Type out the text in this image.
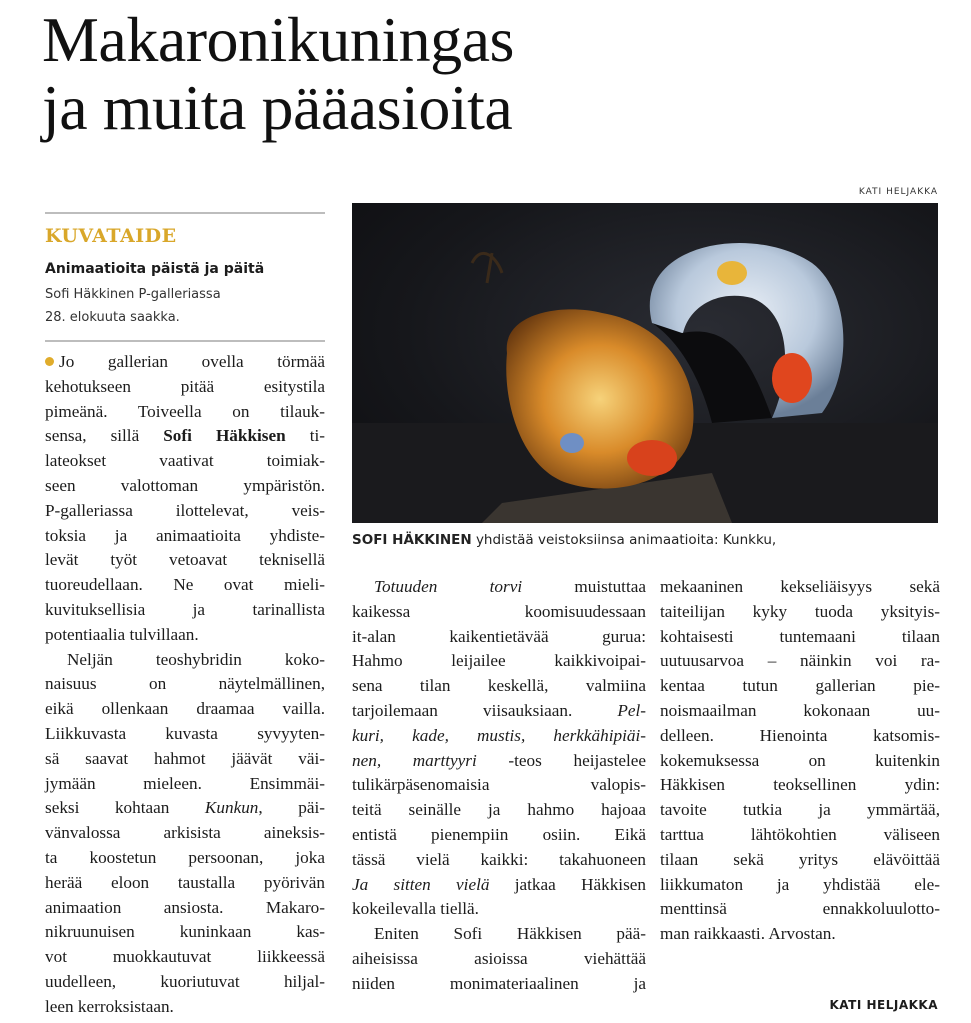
Makaronikuningas
ja muita pääasioita
KATI HELJAKKA
KUVATAIDE
Animaatioita päistä ja päitä
Sofi Häkkinen P-galleriassa
28. elokuuta saakka.
Jo gallerian ovella törmää
kehotukseen pitää esitystila
pimeänä. Toiveella on tilauk-
sensa, sillä Sofi Häkkisen ti-
lateokset vaativat toimiak-
seen valottoman ympäristön.
P-galleriassa ilottelevat, veis-
toksia ja animaatioita yhdiste-
levät työt vetoavat teknisellä
tuoreudellaan. Ne ovat mieli-
kuvituksellisia ja tarinallista
potentiaalia tulvillaan.
Neljän teoshybridin koko-
naisuus on näytelmällinen,
eikä ollenkaan draamaa vailla.
Liikkuvasta kuvasta syvyyten-
sä saavat hahmot jäävät väi-
jymään mieleen. Ensimmäi-
seksi kohtaan Kunkun, päi-
vänvalossa arkisista aineksis-
ta koostetun persoonan, joka
herää eloon taustalla pyörivän
animaation ansiosta. Makaro-
nikruunuisen kuninkaan kas-
vot muokkautuvat liikkeessä
uudelleen, kuoriutuvat hiljal-
leen kerroksistaan.
Totuuden torvi muistuttaa
kaikessa koomisuudessaan
it-alan kaikentietävää gurua:
Hahmo leijailee kaikkivoipai-
sena tilan keskellä, valmiina
tarjoilemaan viisauksiaan. Pel-
kuri, kade, mustis, herkkähipiäi-
nen, marttyyri -teos heijastelee
tulikärpäsenomaisia valopis-
teitä seinälle ja hahmo hajoaa
entistä pienempiin osiin. Eikä
tässä vielä kaikki: takahuoneen
Ja sitten vielä jatkaa Häkkisen
kokeilevalla tiellä.
Eniten Sofi Häkkisen pää-
aiheisissa asioissa viehättää
niiden monimateriaalinen ja
mekaaninen kekseliäisyys sekä
taiteilijan kyky tuoda yksityis-
kohtaisesti tuntemaani tilaan
uutuusarvoa – näinkin voi ra-
kentaa tutun gallerian pie-
noismaailman kokonaan uu-
delleen. Hienointa katsomis-
kokemuksessa on kuitenkin
Häkkisen teoksellinen ydin:
tavoite tutkia ja ymmärtää,
tarttua lähtökohtien väliseen
tilaan sekä yritys elävöittää
liikkumaton ja yhdistää ele-
menttinsä ennakkoluulotto-
man raikkaasti. Arvostan.
SOFI HÄKKINEN yhdistää veistoksiinsa animaatioita: Kunkku,
KATI HELJAKKA
